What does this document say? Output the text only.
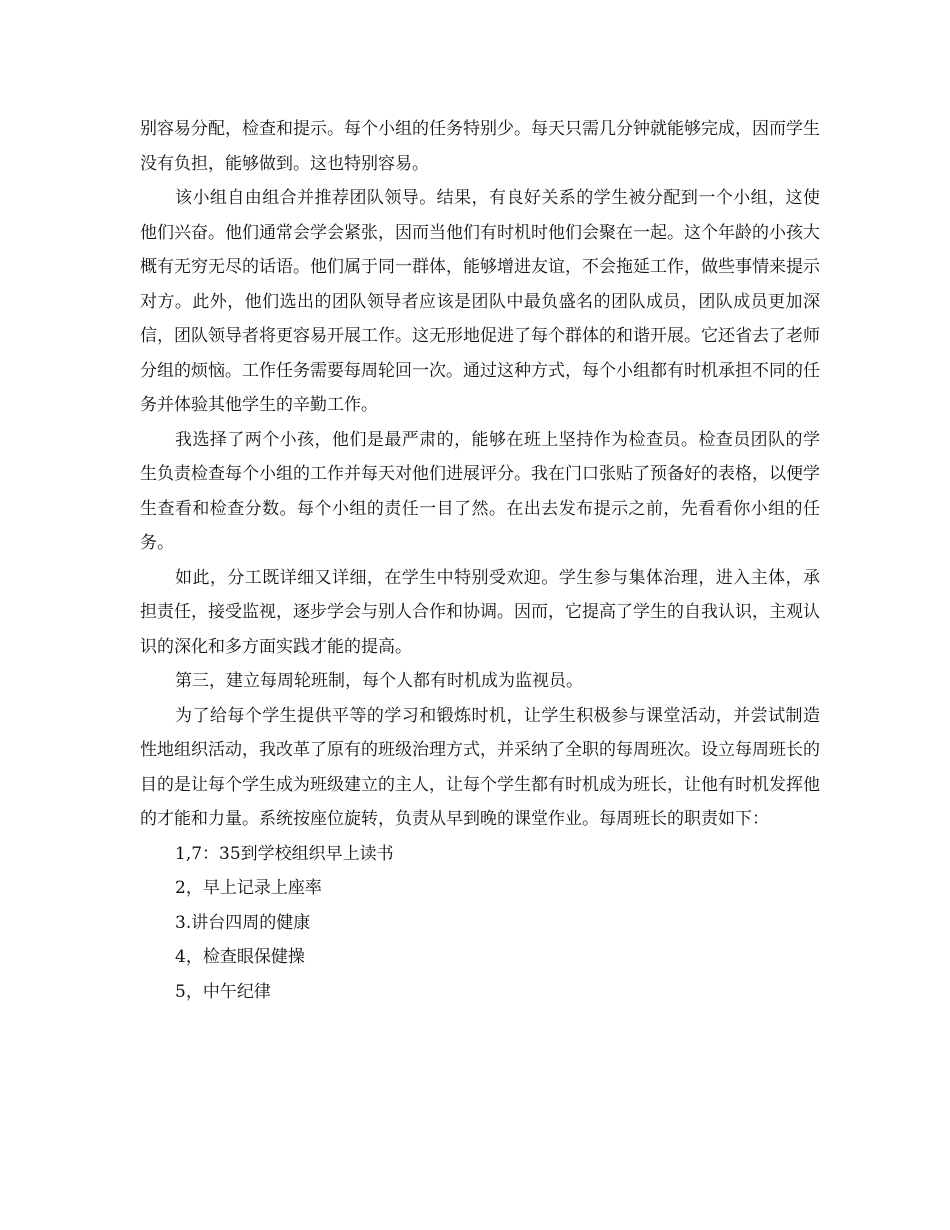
别容易分配，检查和提示。每个小组的任务特别少。每天只需几分钟就能够完成，因而学生没有负担，能够做到。这也特别容易。

该小组自由组合并推荐团队领导。结果，有良好关系的学生被分配到一个小组，这使他们兴奋。他们通常会学会紧张，因而当他们有时机时他们会聚在一起。这个年龄的小孩大概有无穷无尽的话语。他们属于同一群体，能够增进友谊，不会拖延工作，做些事情来提示对方。此外，他们选出的团队领导者应该是团队中最负盛名的团队成员，团队成员更加深信，团队领导者将更容易开展工作。这无形地促进了每个群体的和谐开展。它还省去了老师分组的烦恼。工作任务需要每周轮回一次。通过这种方式，每个小组都有时机承担不同的任务并体验其他学生的辛勤工作。

我选择了两个小孩，他们是最严肃的，能够在班上坚持作为检查员。检查员团队的学生负责检查每个小组的工作并每天对他们进展评分。我在门口张贴了预备好的表格，以便学生查看和检查分数。每个小组的责任一目了然。在出去发布提示之前，先看看你小组的任务。

如此，分工既详细又详细，在学生中特别受欢迎。学生参与集体治理，进入主体，承担责任，接受监视，逐步学会与别人合作和协调。因而，它提高了学生的自我认识，主观认识的深化和多方面实践才能的提高。

第三，建立每周轮班制，每个人都有时机成为监视员。

为了给每个学生提供平等的学习和锻炼时机，让学生积极参与课堂活动，并尝试制造性地组织活动，我改革了原有的班级治理方式，并采纳了全职的每周班次。设立每周班长的目的是让每个学生成为班级建立的主人，让每个学生都有时机成为班长，让他有时机发挥他的才能和力量。系统按座位旋转，负责从早到晚的课堂作业。每周班长的职责如下：

1,7：35到学校组织早上读书

2，早上记录上座率

3.讲台四周的健康

4，检查眼保健操

5，中午纪律
